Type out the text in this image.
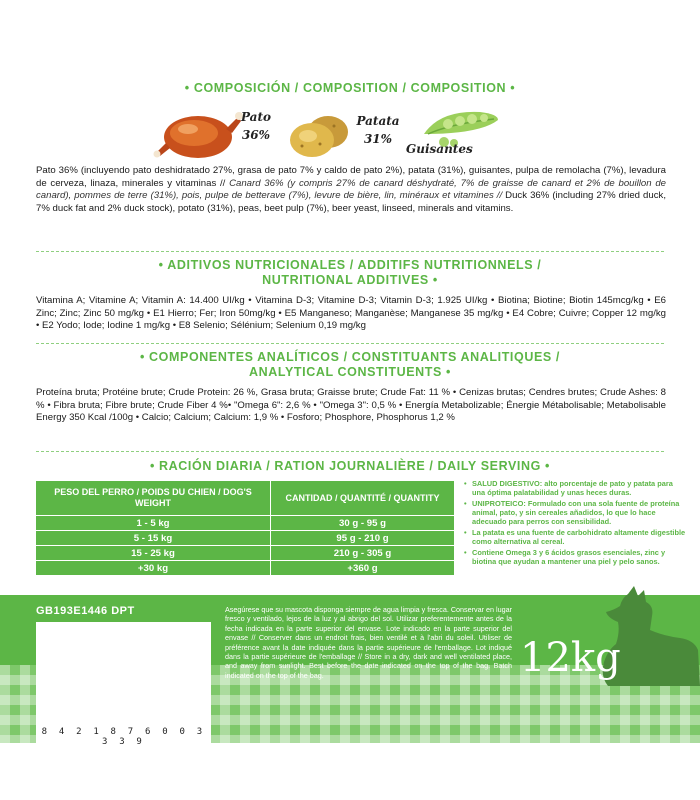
• COMPOSICIÓN / COMPOSITION / COMPOSITION •
Pato
36%
Patata
31%
Guisantes
Pato 36% (incluyendo pato deshidratado 27%, grasa de pato 7% y caldo de pato 2%), patata (31%), guisantes, pulpa de remolacha (7%), levadura de cerveza, linaza, minerales y vitaminas // Canard 36% (y compris 27% de canard déshydraté, 7% de graisse de canard et 2% de bouillon de canard), pommes de terre (31%), pois, pulpe de betterave (7%), levure de bière, lin, minéraux et vitamines // Duck 36% (including 27% dried duck, 7% duck fat and 2% duck stock), potato (31%), peas, beet pulp (7%), beer yeast, linseed, minerals and vitamins.
• ADITIVOS NUTRICIONALES / ADDITIFS NUTRITIONNELS /
NUTRITIONAL ADDITIVES •
Vitamina A; Vitamine A; Vitamin A: 14.400 UI/kg • Vitamina D-3; Vitamine D-3; Vitamin D-3; 1.925 UI/kg • Biotina; Biotine; Biotin 145mcg/kg • E6 Zinc; Zinc; Zinc 50 mg/kg • E1 Hierro; Fer; Iron 50mg/kg • E5 Manganeso; Manganèse; Manganese 35 mg/kg • E4 Cobre; Cuivre; Copper 12 mg/kg • E2 Yodo; Iode; Iodine 1 mg/kg • E8 Selenio; Sélénium; Selenium 0,19 mg/kg
• COMPONENTES ANALÍTICOS / CONSTITUANTS ANALITIQUES /
ANALYTICAL CONSTITUENTS •
Proteína bruta; Protéine brute; Crude Protein: 26 %, Grasa bruta; Graisse brute; Crude Fat: 11 % • Cenizas brutas; Cendres brutes; Crude Ashes: 8 % • Fibra bruta; Fibre brute; Crude Fiber 4 %• "Omega 6": 2,6 % • "Omega 3": 0,5 % • Energía Metabolizable; Énergie Métabolisable; Metabolisable Energy 350 Kcal /100g • Calcio; Calcium; Calcium: 1,9 % • Fosforo; Phosphore, Phosphorus 1,2 %
• RACIÓN DIARIA / RATION JOURNALIÈRE / DAILY SERVING •
PESO DEL PERRO / POIDS DU CHIEN / DOG'S WEIGHT
CANTIDAD / QUANTITÉ / QUANTITY
1 - 5 kg	30 g - 95 g
5 - 15 kg	95 g - 210 g
15 - 25 kg	210 g - 305 g
+30 kg	+360 g
• SALUD DIGESTIVO: alto porcentaje de pato y patata para una óptima palatabilidad y unas heces duras.
• UNIPROTEICO: Formulado con una sola fuente de proteína animal, pato, y sin cereales añadidos, lo que lo hace adecuado para perros con sensibilidad.
• La patata es una fuente de carbohidrato altamente digestible como alternativa al cereal.
• Contiene Omega 3 y 6 ácidos grasos esenciales, zinc y biotina que ayudan a mantener una piel y pelo sanos.
GB193E1446 DPT
8 4 2 1 8 7 6 0 0 3 3 3 9
Asegúrese que su mascota disponga siempre de agua limpia y fresca. Conservar en lugar fresco y ventilado, lejos de la luz y al abrigo del sol. Utilizar preferentemente antes de la fecha indicada en la parte superior del envase. Lote indicado en la parte superior del envase // Conserver dans un endroit frais, bien ventilé et à l'abri du soleil. Utiliser de préférence avant la date indiquée dans la partie supérieure de l'emballage. Lot indiqué dans la partie supérieure de l'emballage // Store in a dry, dark and well ventilated place, and away from sunlight. Best before the date indicated on the top of the bag. Batch indicated on the top of the bag.	12kg
